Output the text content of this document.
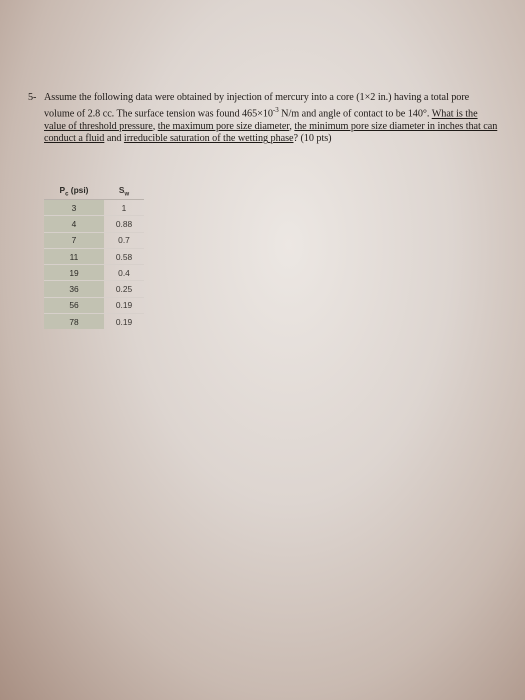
5- Assume the following data were obtained by injection of mercury into a core (1×2 in.) having a total pore volume of 2.8 cc. The surface tension was found $465\times 10^{-3}$ N/m and angle of contact to be 140°. What is the value of threshold pressure, the maximum pore size diameter, the minimum pore size diameter in inches that can conduct a fluid and irreducible saturation of the wetting phase? (10 pts)
$P_c$ (psi)	$S_w$
3	1
4	0.88
7	0.7
11	0.58
19	0.4
36	0.25
56	0.19
78	0.19
